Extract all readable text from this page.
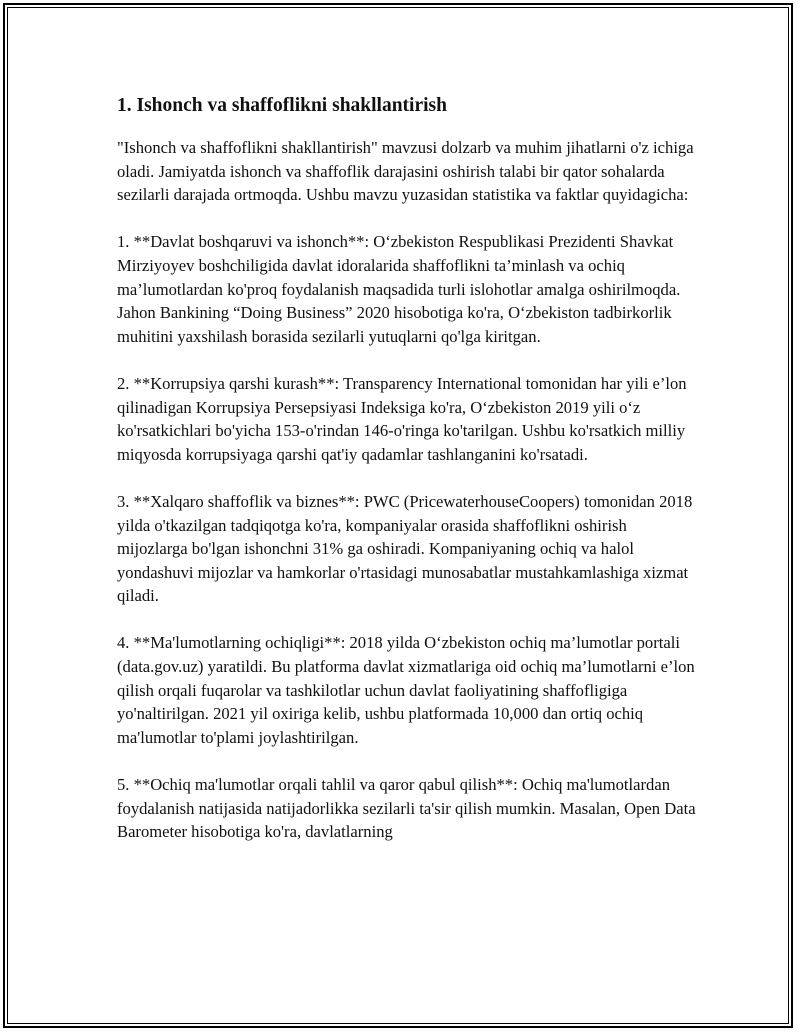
1. Ishonch va shaffoflikni shakllantirish

"Ishonch va shaffoflikni shakllantirish" mavzusi dolzarb va muhim jihatlarni o'z ichiga oladi. Jamiyatda ishonch va shaffoflik darajasini oshirish talabi bir qator sohalarda sezilarli darajada ortmoqda. Ushbu mavzu yuzasidan statistika va faktlar quyidagicha:

1. **Davlat boshqaruvi va ishonch**: O‘zbekiston Respublikasi Prezidenti Shavkat Mirziyoyev boshchiligida davlat idoralarida shaffoflikni ta’minlash va ochiq ma’lumotlardan ko'proq foydalanish maqsadida turli islohotlar amalga oshirilmoqda. Jahon Bankining “Doing Business” 2020 hisobotiga ko'ra, O‘zbekiston tadbirkorlik muhitini yaxshilash borasida sezilarli yutuqlarni qo'lga kiritgan.

2. **Korrupsiya qarshi kurash**: Transparency International tomonidan har yili e’lon qilinadigan Korrupsiya Persepsiyasi Indeksiga ko'ra, O‘zbekiston 2019 yili o‘z ko'rsatkichlari bo'yicha 153-o'rindan 146-o'ringa ko'tarilgan. Ushbu ko'rsatkich milliy miqyosda korrupsiyaga qarshi qat'iy qadamlar tashlanganini ko'rsatadi.

3. **Xalqaro shaffoflik va biznes**: PWC (PricewaterhouseCoopers) tomonidan 2018 yilda o'tkazilgan tadqiqotga ko'ra, kompaniyalar orasida shaffoflikni oshirish mijozlarga bo'lgan ishonchni 31% ga oshiradi. Kompaniyaning ochiq va halol yondashuvi mijozlar va hamkorlar o'rtasidagi munosabatlar mustahkamlashiga xizmat qiladi.

4. **Ma'lumotlarning ochiqligi**: 2018 yilda O‘zbekiston ochiq ma’lumotlar portali (data.gov.uz) yaratildi. Bu platforma davlat xizmatlariga oid ochiq ma’lumotlarni e’lon qilish orqali fuqarolar va tashkilotlar uchun davlat faoliyatining shaffofligiga yo'naltirilgan. 2021 yil oxiriga kelib, ushbu platformada 10,000 dan ortiq ochiq ma'lumotlar to'plami joylashtirilgan.

5. **Ochiq ma'lumotlar orqali tahlil va qaror qabul qilish**: Ochiq ma'lumotlardan foydalanish natijasida natijadorlikka sezilarli ta'sir qilish mumkin. Masalan, Open Data Barometer hisobotiga ko'ra, davlatlarning
